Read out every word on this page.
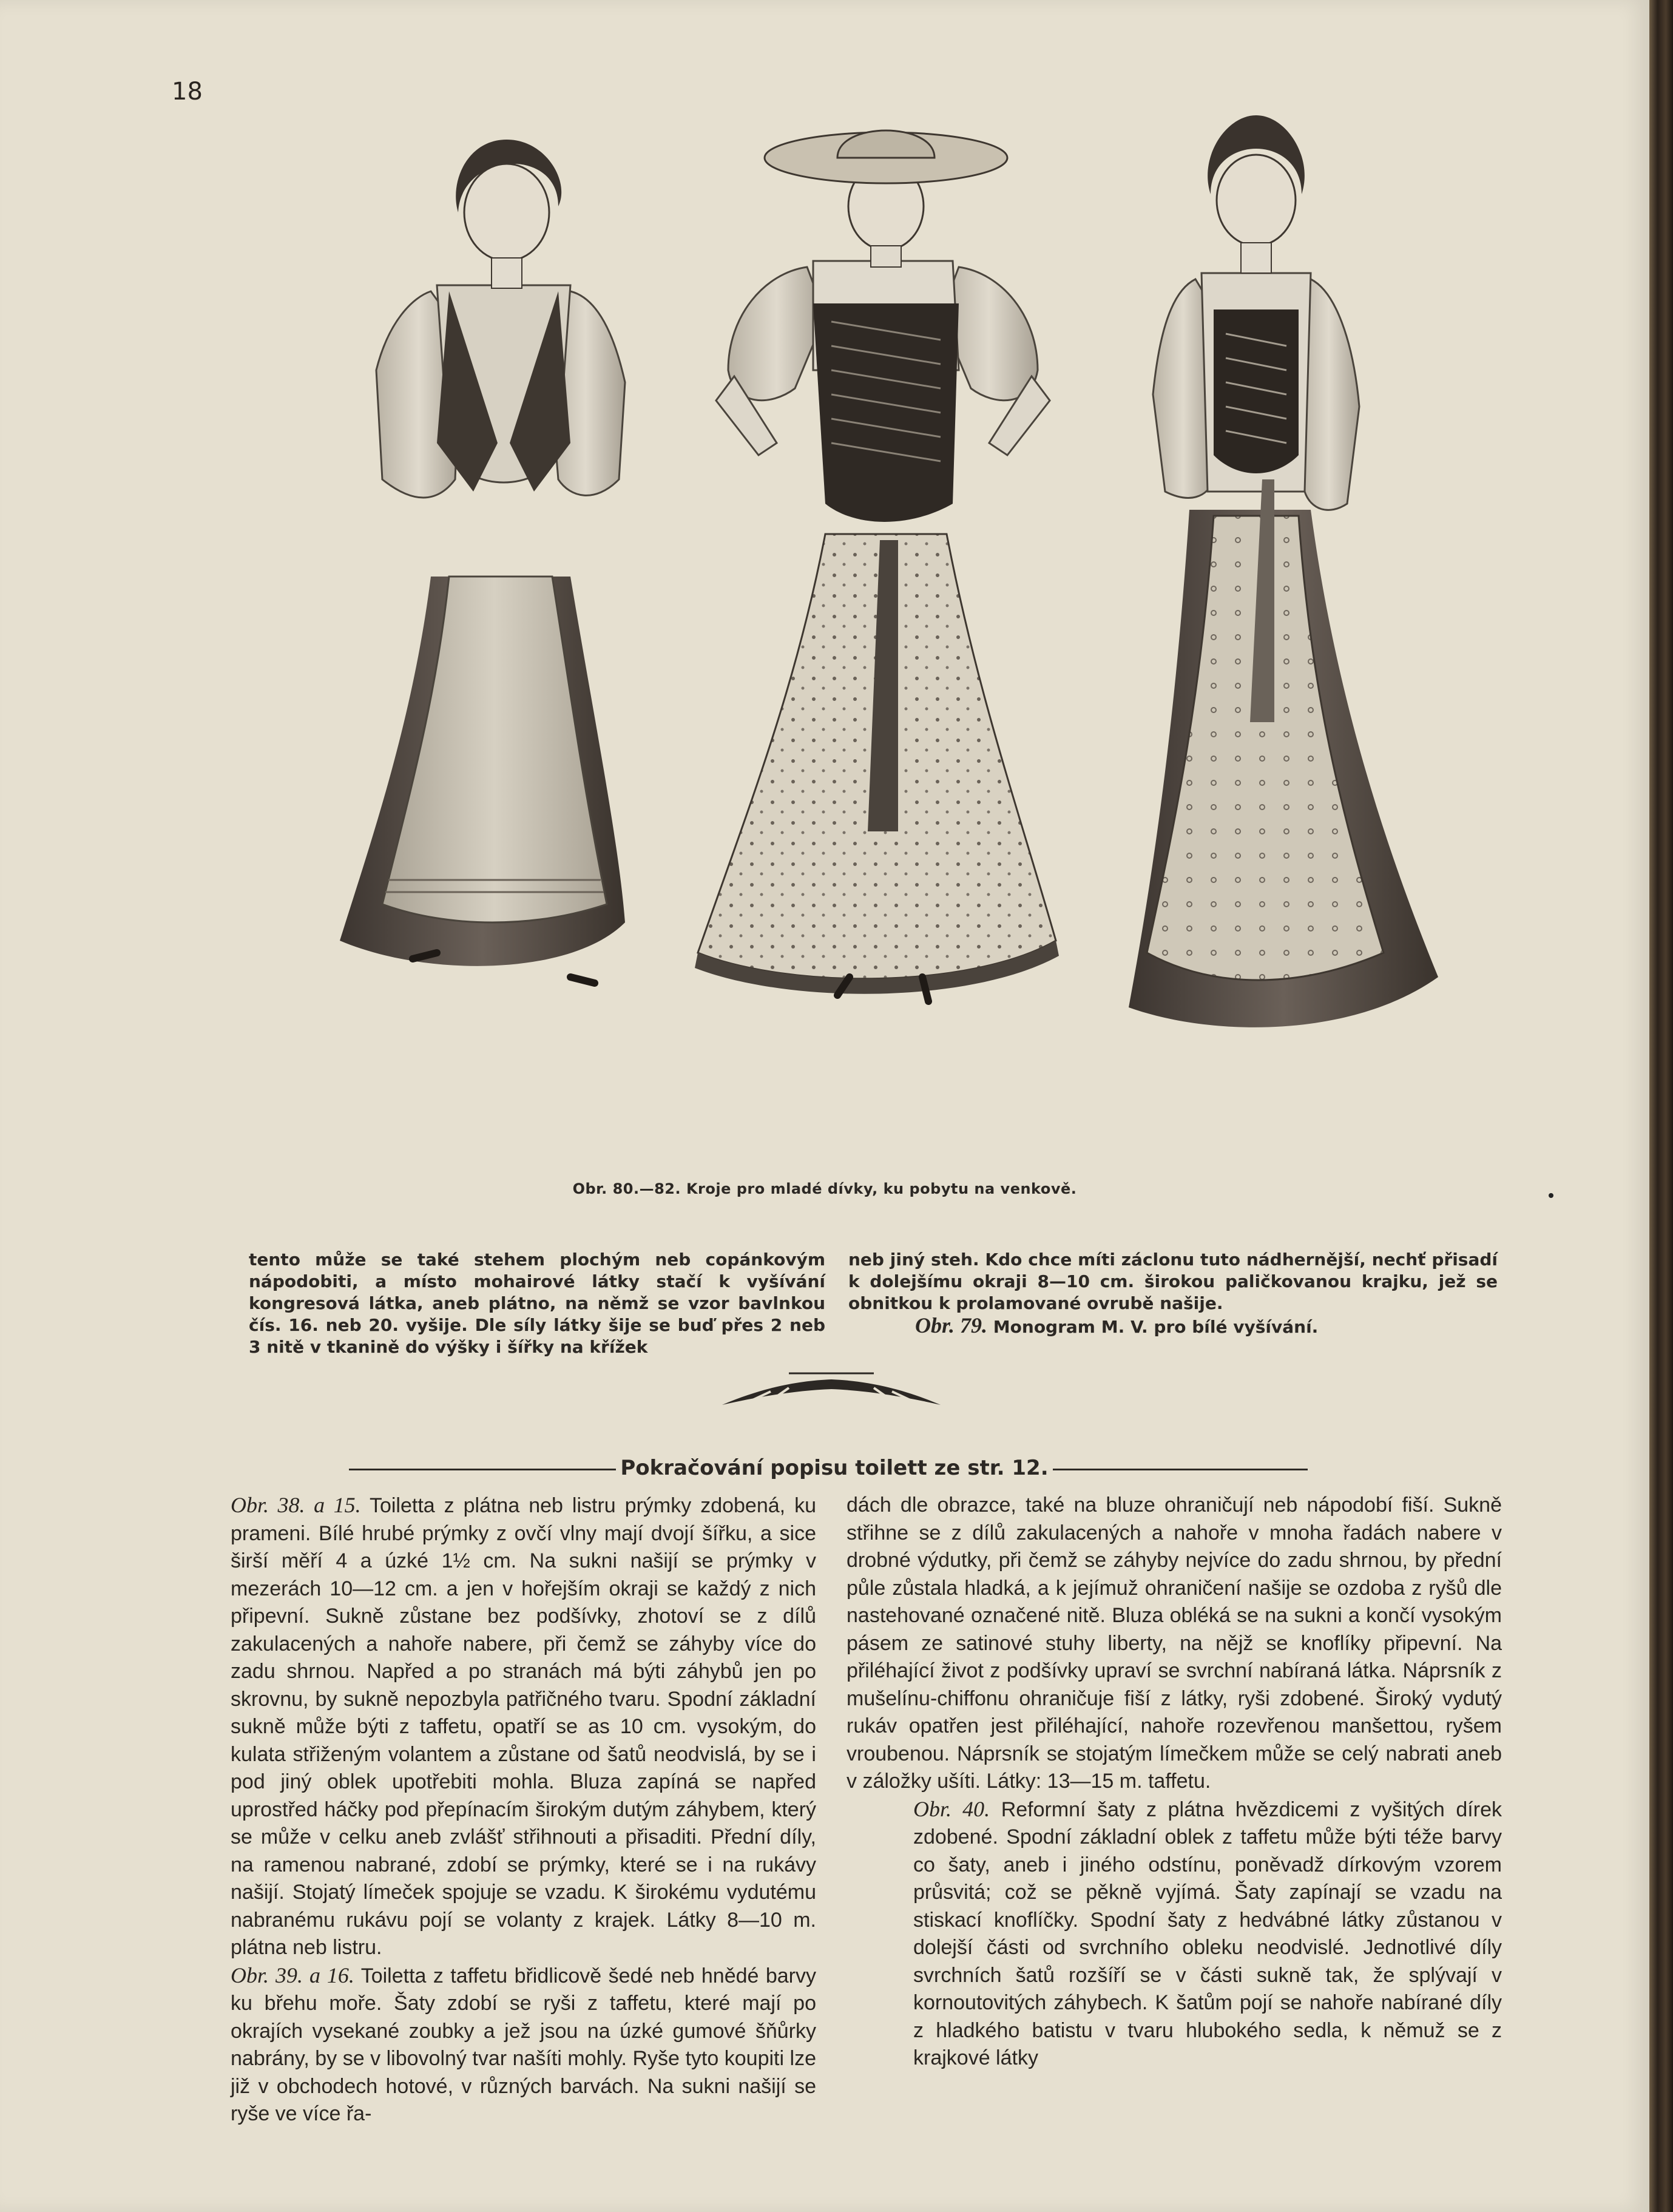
18
Obr. 80.—82. Kroje pro mladé dívky, ku pobytu na venkově.
tento může se také stehem plochým neb copánkovým nápodobiti, a místo mohairové látky stačí k vyšívání kongresová látka, aneb plátno, na němž se vzor bavlnkou čís. 16. neb 20. vyšije. Dle síly látky šije se buď přes 2 neb 3 nitě v tkanině do výšky i šířky na křížek

neb jiný steh. Kdo chce míti záclonu tuto nádhernější, nechť přisadí k dolejšímu okraji 8—10 cm. širokou paličkovanou krajku, jež se obnitkou k prolamované ovrubě našije.

Obr. 79. Monogram M. V. pro bílé vyšívání.

Pokračování popisu toilett ze str. 12.

Obr. 38. a 15. Toiletta z plátna neb listru prýmky zdobená, ku prameni. Bílé hrubé prýmky z ovčí vlny mají dvojí šířku, a sice širší měří 4 a úzké 1½ cm. Na sukni našijí se prýmky v mezerách 10—12 cm. a jen v hořejším okraji se každý z nich připevní. Sukně zůstane bez podšívky, zhotoví se z dílů zakulacených a nahoře nabere, při čemž se záhyby více do zadu shrnou. Napřed a po stranách má býti záhybů jen po skrovnu, by sukně nepozbyla patřičného tvaru. Spodní základní sukně může býti z taffetu, opatří se as 10 cm. vysokým, do kulata střiženým volantem a zůstane od šatů neodvislá, by se i pod jiný oblek upotřebiti mohla. Bluza zapíná se napřed uprostřed háčky pod přepínacím širokým dutým záhybem, který se může v celku aneb zvlášť střihnouti a přisaditi. Přední díly, na ramenou nabrané, zdobí se prýmky, které se i na rukávy našijí. Stojatý límeček spojuje se vzadu. K širokému vydutému nabranému rukávu pojí se volanty z krajek. Látky 8—10 m. plátna neb listru.

Obr. 39. a 16. Toiletta z taffetu břidlicově šedé neb hnědé barvy ku břehu moře. Šaty zdobí se ryši z taffetu, které mají po okrajích vysekané zoubky a jež jsou na úzké gumové šňůrky nabrány, by se v libovolný tvar našíti mohly. Ryše tyto koupiti lze již v obchodech hotové, v různých barvách. Na sukni našijí se ryše ve více řa-

dách dle obrazce, také na bluze ohraničují neb nápodobí fiší. Sukně střihne se z dílů zakulacených a nahoře v mnoha řadách nabere v drobné výdutky, při čemž se záhyby nejvíce do zadu shrnou, by přední půle zůstala hladká, a k jejímuž ohraničení našije se ozdoba z ryšů dle nastehované označené nitě. Bluza obléká se na sukni a končí vysokým pásem ze satinové stuhy liberty, na nějž se knoflíky připevní. Na přiléhající život z podšívky upraví se svrchní nabíraná látka. Náprsník z mušelínu-chiffonu ohraničuje fiší z látky, ryši zdobené. Široký vydutý rukáv opatřen jest přiléhající, nahoře rozevřenou manšettou, ryšem vroubenou. Náprsník se stojatým límečkem může se celý nabrati aneb v záložky ušíti. Látky: 13—15 m. taffetu.

Obr. 40. Reformní šaty z plátna hvězdicemi z vyšitých dírek zdobené. Spodní základní oblek z taffetu může býti téže barvy co šaty, aneb i jiného odstínu, poněvadž dírkovým vzorem průsvitá; což se pěkně vyjímá. Šaty zapínají se vzadu na stiskací knoflíčky. Spodní šaty z hedvábné látky zůstanou v dolejší části od svrchního obleku neodvislé. Jednotlivé díly svrchních šatů rozšíří se v části sukně tak, že splývají v kornoutovitých záhybech. K šatům pojí se nahoře nabírané díly z hladkého batistu v tvaru hlubokého sedla, k němuž se z krajkové látky
